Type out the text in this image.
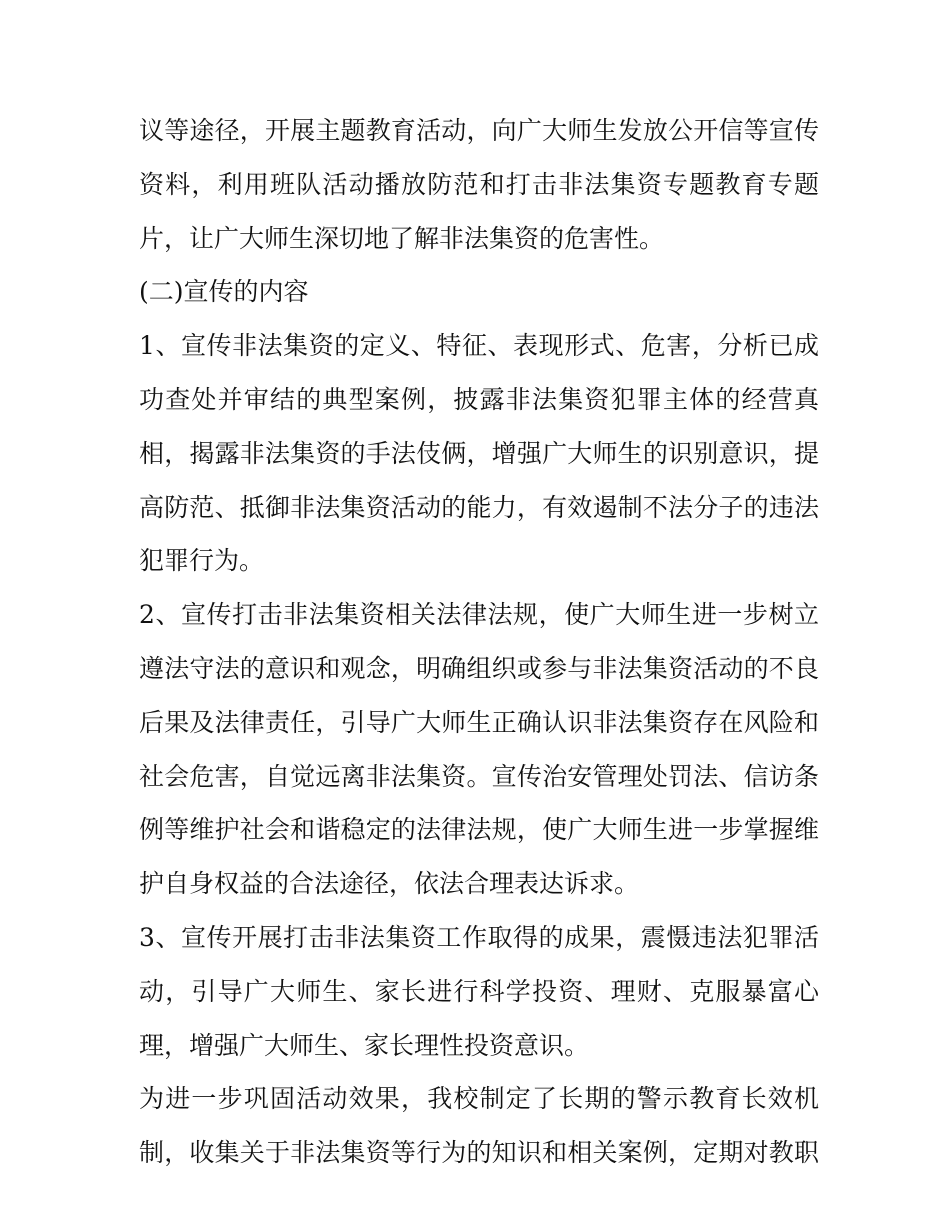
议等途径，开展主题教育活动，向广大师生发放公开信等宣传
资料，利用班队活动播放防范和打击非法集资专题教育专题
片，让广大师生深切地了解非法集资的危害性。
(二)宣传的内容
1、宣传非法集资的定义、特征、表现形式、危害，分析已成
功查处并审结的典型案例，披露非法集资犯罪主体的经营真
相，揭露非法集资的手法伎俩，增强广大师生的识别意识，提
高防范、抵御非法集资活动的能力，有效遏制不法分子的违法
犯罪行为。
2、宣传打击非法集资相关法律法规，使广大师生进一步树立
遵法守法的意识和观念，明确组织或参与非法集资活动的不良
后果及法律责任，引导广大师生正确认识非法集资存在风险和
社会危害，自觉远离非法集资。宣传治安管理处罚法、信访条
例等维护社会和谐稳定的法律法规，使广大师生进一步掌握维
护自身权益的合法途径，依法合理表达诉求。
3、宣传开展打击非法集资工作取得的成果，震慑违法犯罪活
动，引导广大师生、家长进行科学投资、理财、克服暴富心
理，增强广大师生、家长理性投资意识。
为进一步巩固活动效果，我校制定了长期的警示教育长效机
制，收集关于非法集资等行为的知识和相关案例，定期对教职
